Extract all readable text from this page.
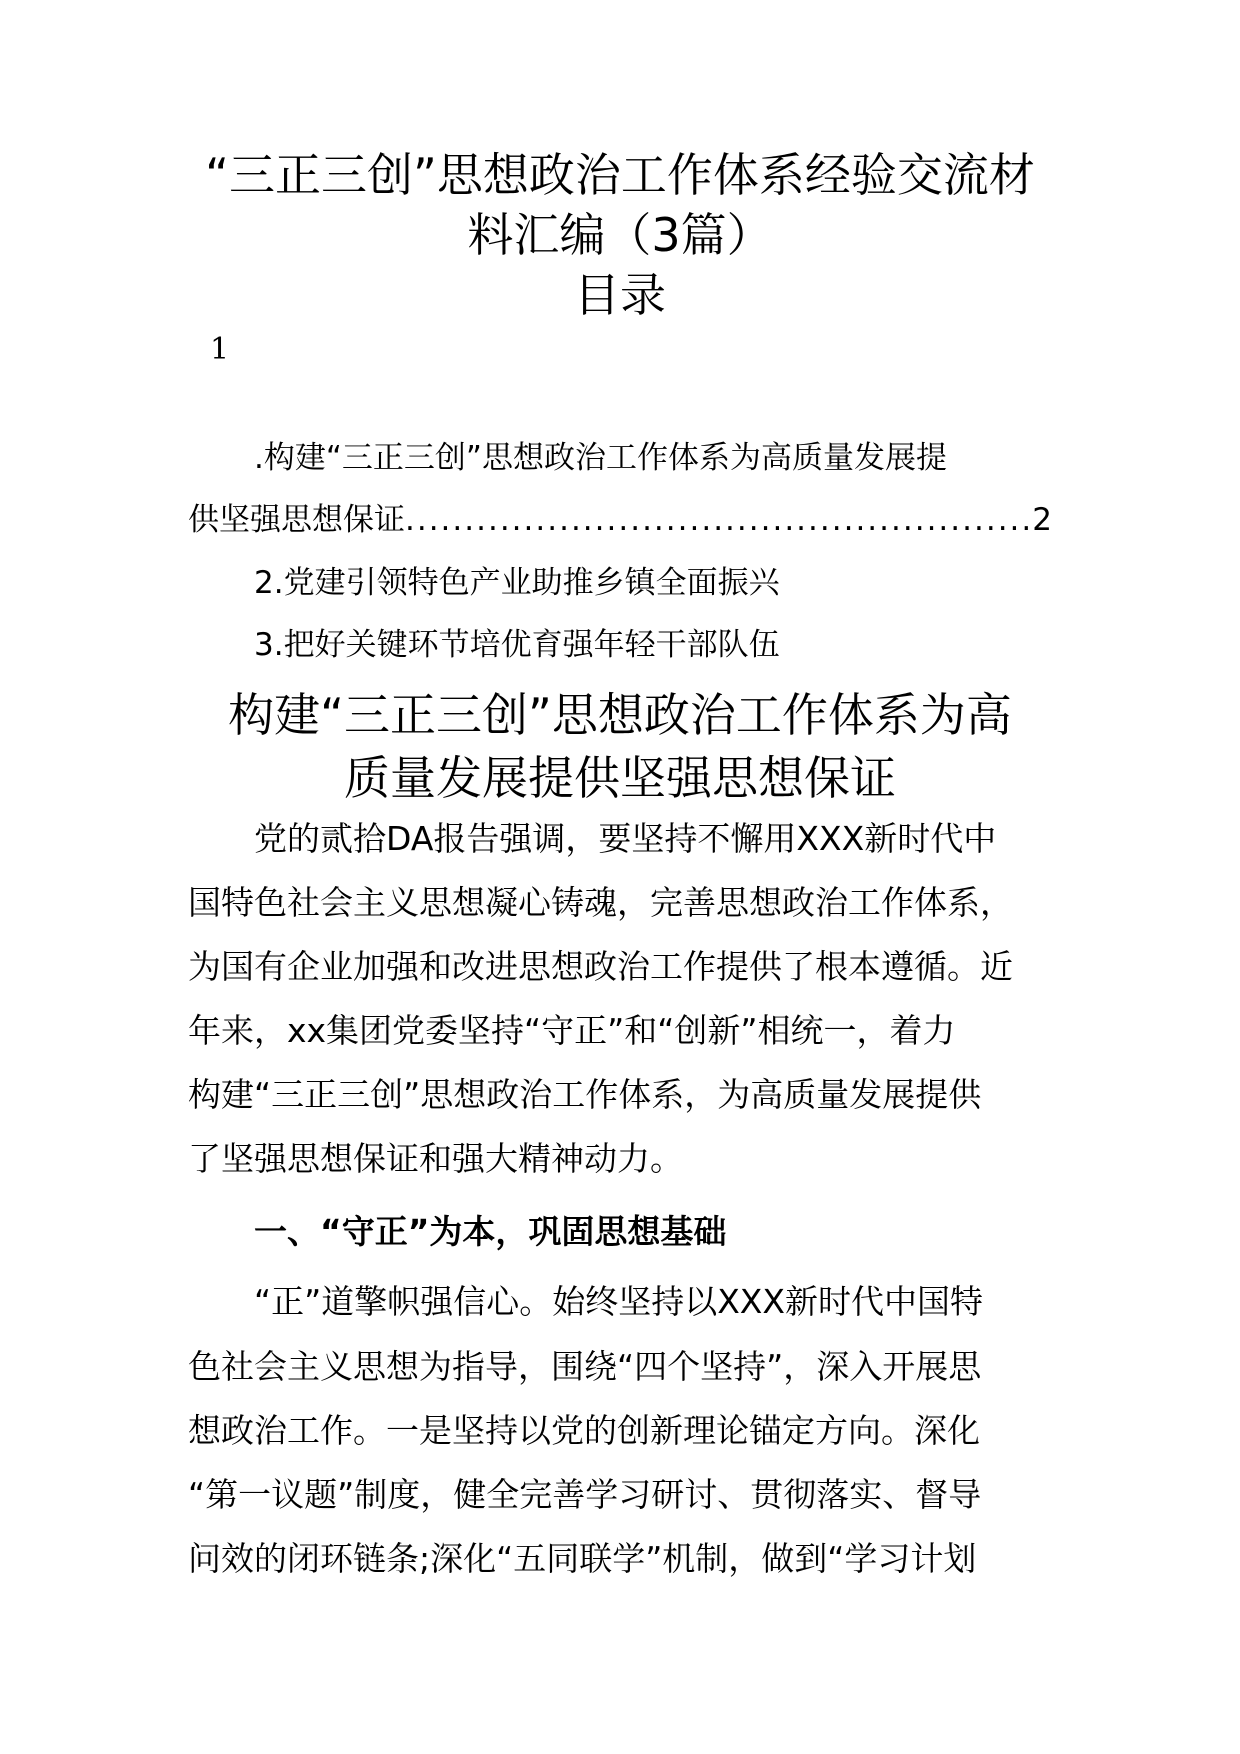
“三正三创”思想政治工作体系经验交流材
料汇编（3篇）
目录
1
.构建“三正三创”思想政治工作体系为高质量发展提
供坚强思想保证
.....	2
2.党建引领特色产业助推乡镇全面振兴
3.把好关键环节培优育强年轻干部队伍
构建“三正三创”思想政治工作体系为高
质量发展提供坚强思想保证
党的贰拾DA报告强调，要坚持不懈用XXX新时代中
国特色社会主义思想凝心铸魂，完善思想政治工作体系，
为国有企业加强和改进思想政治工作提供了根本遵循。近
年来，xx集团党委坚持“守正”和“创新”相统一，着力
构建“三正三创”思想政治工作体系，为高质量发展提供
了坚强思想保证和强大精神动力。
一、“守正”为本，巩固思想基础
“正”道擎帜强信心。始终坚持以XXX新时代中国特
色社会主义思想为指导，围绕“四个坚持”，深入开展思
想政治工作。一是坚持以党的创新理论锚定方向。深化
“第一议题”制度，健全完善学习研讨、贯彻落实、督导
问效的闭环链条;深化“五同联学”机制，做到“学习计划
